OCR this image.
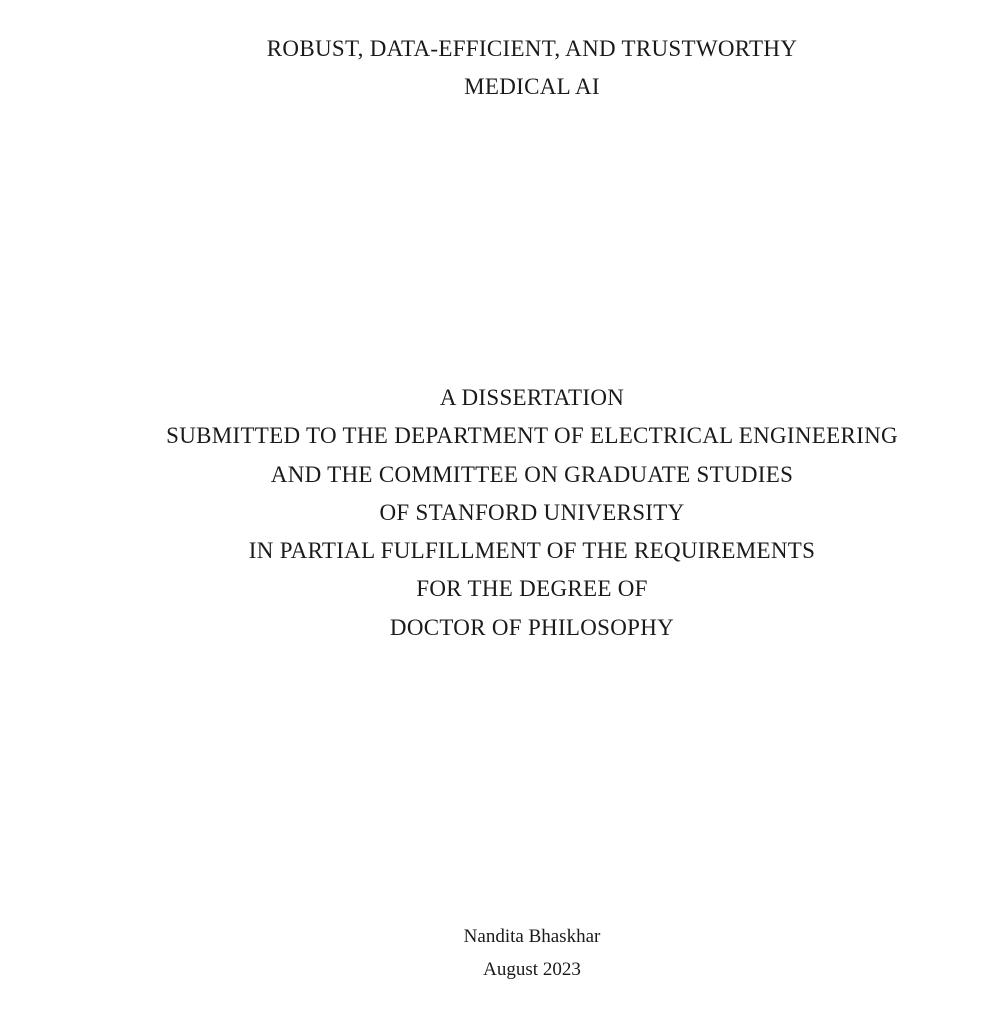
ROBUST, DATA-EFFICIENT, AND TRUSTWORTHY
MEDICAL AI
A DISSERTATION
SUBMITTED TO THE DEPARTMENT OF ELECTRICAL ENGINEERING
AND THE COMMITTEE ON GRADUATE STUDIES
OF STANFORD UNIVERSITY
IN PARTIAL FULFILLMENT OF THE REQUIREMENTS
FOR THE DEGREE OF
DOCTOR OF PHILOSOPHY
Nandita Bhaskhar
August 2023
